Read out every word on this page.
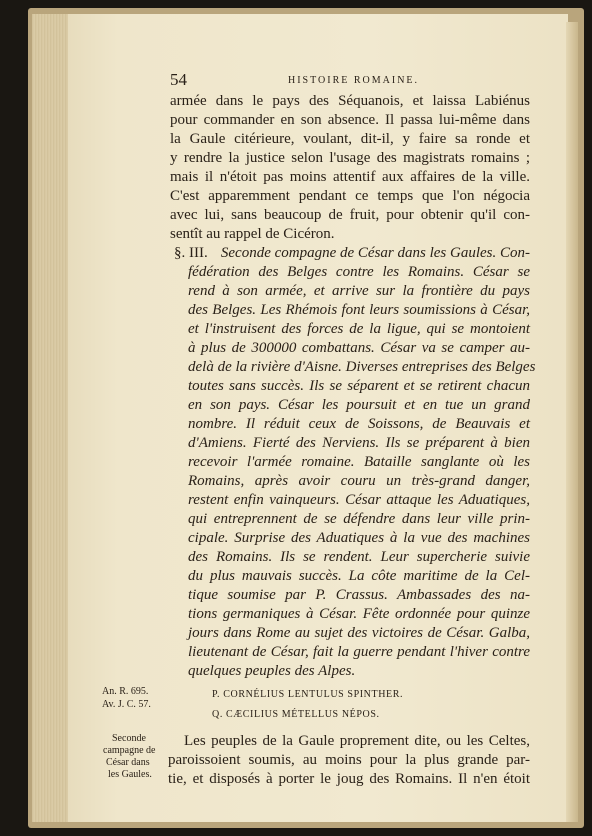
54	HISTOIRE ROMAINE.
armée dans le pays des Séquanois, et laissa Labiénus
pour commander en son absence. Il passa lui-même dans
la Gaule citérieure, voulant, dit-il, y faire sa ronde et
y rendre la justice selon l'usage des magistrats romains ;
mais il n'étoit pas moins attentif aux affaires de la ville.
C'est apparemment pendant ce temps que l'on négocia
avec lui, sans beaucoup de fruit, pour obtenir qu'il con-
sentît au rappel de Cicéron.
§. III. Seconde compagne de César dans les Gaules. Con-
fédération des Belges contre les Romains. César se
rend à son armée, et arrive sur la frontière du pays
des Belges. Les Rhémois font leurs soumissions à César,
et l'instruisent des forces de la ligue, qui se montoient
à plus de 300000 combattans. César va se camper au-
delà de la rivière d'Aisne. Diverses entreprises des Belges
toutes sans succès. Ils se séparent et se retirent chacun
en son pays. César les poursuit et en tue un grand
nombre. Il réduit ceux de Soissons, de Beauvais et
d'Amiens. Fierté des Nerviens. Ils se préparent à bien
recevoir l'armée romaine. Bataille sanglante où les
Romains, après avoir couru un très-grand danger,
restent enfin vainqueurs. César attaque les Aduatiques,
qui entreprennent de se défendre dans leur ville prin-
cipale. Surprise des Aduatiques à la vue des machines
des Romains. Ils se rendent. Leur supercherie suivie
du plus mauvais succès. La côte maritime de la Cel-
tique soumise par P. Crassus. Ambassades des na-
tions germaniques à César. Fête ordonnée pour quinze
jours dans Rome au sujet des victoires de César. Galba,
lieutenant de César, fait la guerre pendant l'hiver contre
quelques peuples des Alpes.
An. R. 695.
Av. J. C. 57.
P. CORNÉLIUS LENTULUS SPINTHER.
Q. CÆCILIUS MÉTELLUS NÉPOS.
Seconde
campagne de
César dans
les Gaules.
Les peuples de la Gaule proprement dite, ou les Celtes,
paroissoient soumis, au moins pour la plus grande par-
tie, et disposés à porter le joug des Romains. Il n'en étoit
